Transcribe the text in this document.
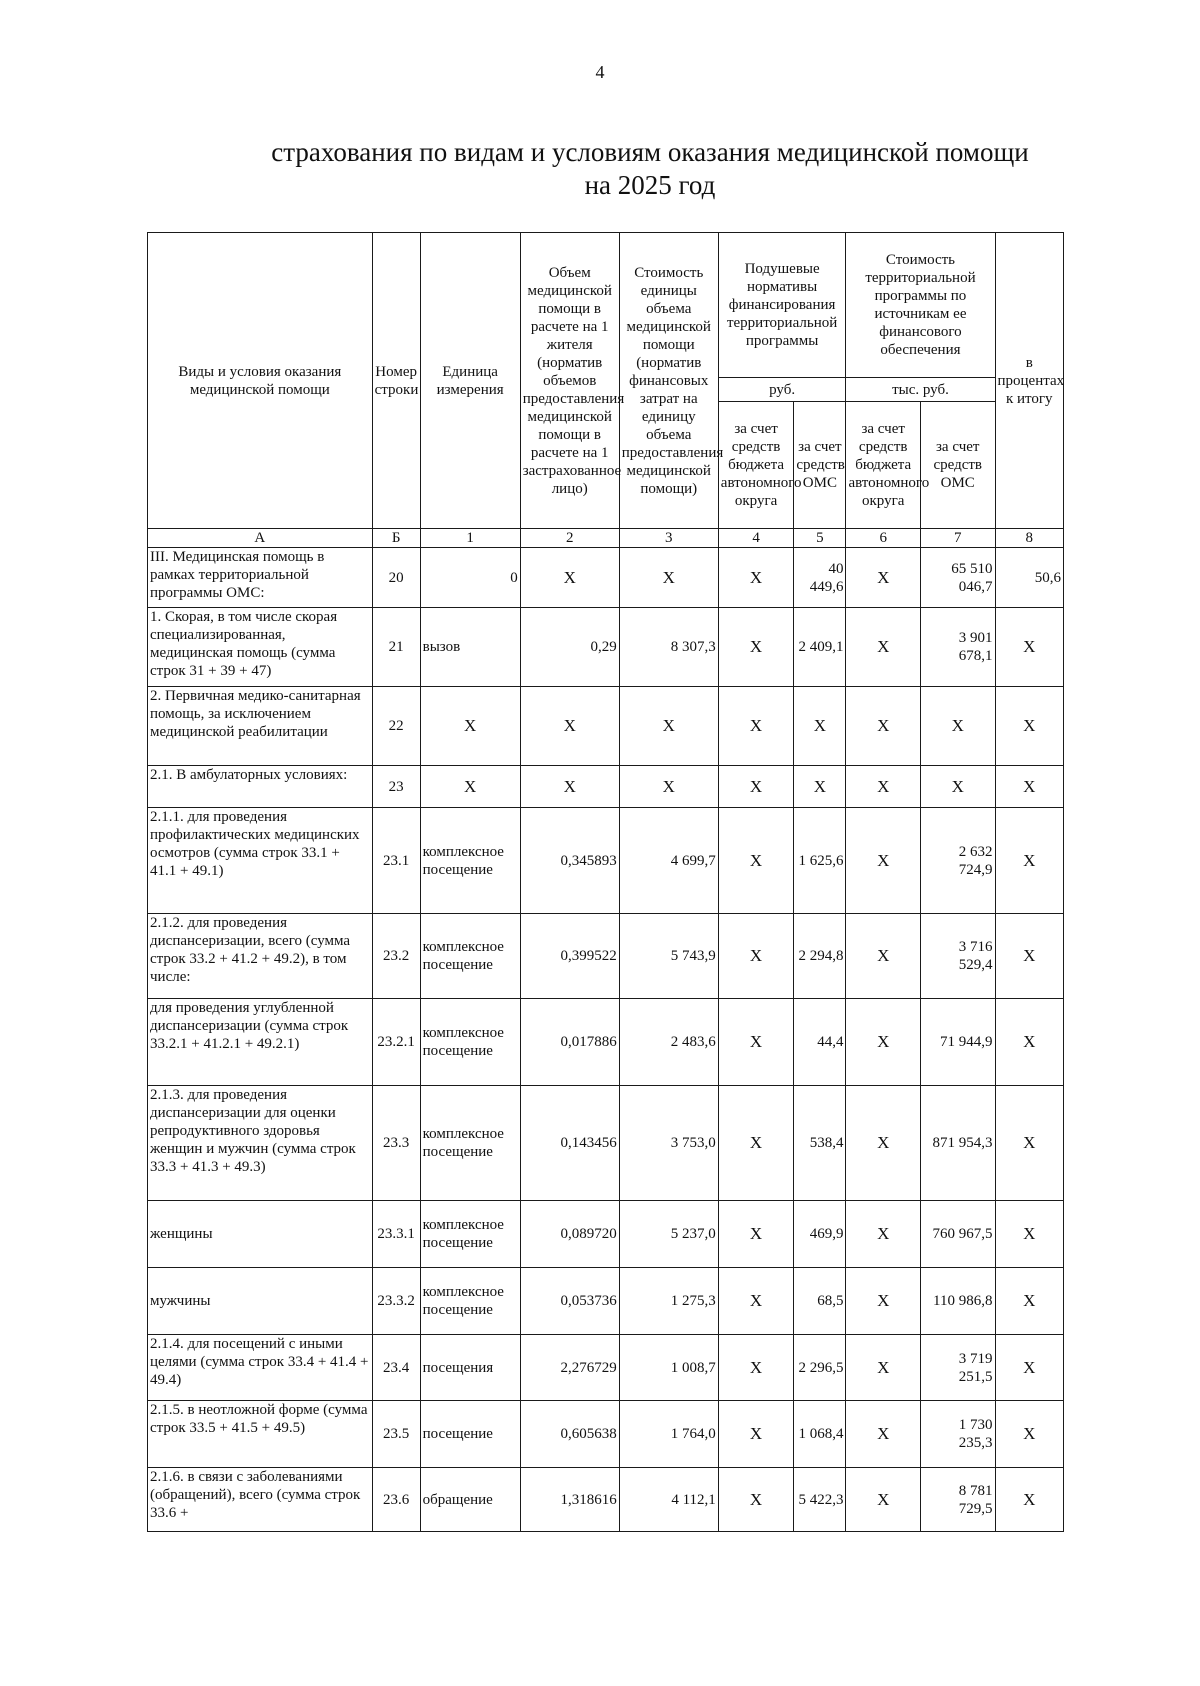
4
страхования по видам и условиям оказания медицинской помощи
на 2025 год
Виды и условия оказания медицинской помощи	Номер строки	Единица измерения	Объем медицинской помощи в расчете на 1 жителя (норматив объемов предоставления медицинской помощи в расчете на 1 застрахованное лицо)	Стоимость единицы объема медицинской помощи (норматив финансовых затрат на единицу объема предоставления медицинской помощи)	Подушевые нормативы финансирования территориальной программы		Стоимость территориальной программы по источникам ее финансового обеспечения		в процентах к итогу
					руб.		тыс. руб.		
					за счет средств бюджета автономного округа	за счет средств ОМС	за счет средств бюджета автономного округа	за счет средств ОМС	
А	Б	1	2	3	4	5	6	7	8
III. Медицинская помощь в рамках территориальной программы ОМС:	20	0	Х	Х	Х	40 449,6	Х	65 510 046,7	50,6
1. Скорая, в том числе скорая специализированная, медицинская помощь (сумма строк 31 + 39 + 47)	21	вызов	0,29	8 307,3	Х	2 409,1	Х	3 901 678,1	Х
2. Первичная медико-санитарная помощь, за исключением медицинской реабилитации	22	Х	Х	Х	Х	Х	Х	Х	Х
2.1. В амбулаторных условиях:	23	Х	Х	Х	Х	Х	Х	Х	Х
2.1.1. для проведения профилактических медицинских осмотров (сумма строк 33.1 + 41.1 + 49.1)	23.1	комплексное посещение	0,345893	4 699,7	Х	1 625,6	Х	2 632 724,9	Х
2.1.2. для проведения диспансеризации, всего (сумма строк 33.2 + 41.2 + 49.2), в том числе:	23.2	комплексное посещение	0,399522	5 743,9	Х	2 294,8	Х	3 716 529,4	Х
для проведения углубленной диспансеризации (сумма строк 33.2.1 + 41.2.1 + 49.2.1)	23.2.1	комплексное посещение	0,017886	2 483,6	Х	44,4	Х	71 944,9	Х
2.1.3. для проведения диспансеризации для оценки репродуктивного здоровья женщин и мужчин (сумма строк 33.3 + 41.3 + 49.3)	23.3	комплексное посещение	0,143456	3 753,0	Х	538,4	Х	871 954,3	Х
женщины	23.3.1	комплексное посещение	0,089720	5 237,0	Х	469,9	Х	760 967,5	Х
мужчины	23.3.2	комплексное посещение	0,053736	1 275,3	Х	68,5	Х	110 986,8	Х
2.1.4. для посещений с иными целями (сумма строк 33.4 + 41.4 + 49.4)	23.4	посещения	2,276729	1 008,7	Х	2 296,5	Х	3 719 251,5	Х
2.1.5. в неотложной форме (сумма строк 33.5 + 41.5 + 49.5)	23.5	посещение	0,605638	1 764,0	Х	1 068,4	Х	1 730 235,3	Х
2.1.6. в связи с заболеваниями (обращений), всего (сумма строк 33.6 +	23.6	обращение	1,318616	4 112,1	Х	5 422,3	Х	8 781 729,5	Х
